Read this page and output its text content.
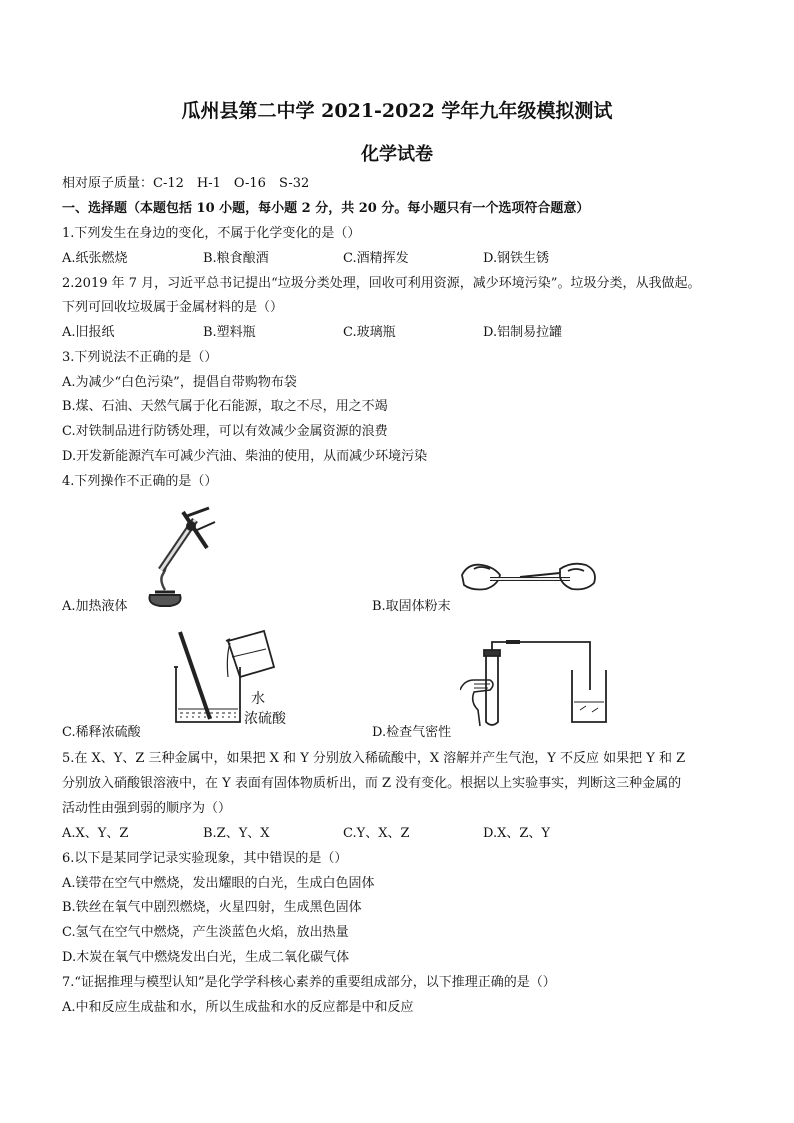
瓜州县第二中学 2021-2022 学年九年级模拟测试
化学试卷
相对原子质量：C-12　H-1　O-16　S-32
一、选择题（本题包括 10 小题，每小题 2 分，共 20 分。每小题只有一个选项符合题意）
1.下列发生在身边的变化，不属于化学变化的是（）
A.纸张燃烧	B.粮食酿酒	C.酒精挥发	D.钢铁生锈
2.2019 年 7 月，习近平总书记提出“垃圾分类处理，回收可利用资源，减少环境污染”。垃圾分类，从我做起。
下列可回收垃圾属于金属材料的是（）
A.旧报纸	B.塑料瓶	C.玻璃瓶	D.铝制易拉罐
3.下列说法不正确的是（）
A.为减少“白色污染”，提倡自带购物布袋
B.煤、石油、天然气属于化石能源，取之不尽，用之不竭
C.对铁制品进行防锈处理，可以有效减少金属资源的浪费
D.开发新能源汽车可减少汽油、柴油的使用，从而减少环境污染
4.下列操作不正确的是（）
A.加热液体	B.取固体粉末
水
浓硫酸
C.稀释浓硫酸	D.检查气密性
5.在 X、Y、Z 三种金属中，如果把 X 和 Y 分别放入稀硫酸中，X 溶解并产生气泡，Y 不反应 如果把 Y 和 Z
分别放入硝酸银溶液中，在 Y 表面有固体物质析出，而 Z 没有变化。根据以上实验事实，判断这三种金属的
活动性由强到弱的顺序为（）
A.X、Y、Z	B.Z、Y、X	C.Y、X、Z	D.X、Z、Y
6.以下是某同学记录实验现象，其中错误的是（）
A.镁带在空气中燃烧，发出耀眼的白光，生成白色固体
B.铁丝在氧气中剧烈燃烧，火星四射，生成黑色固体
C.氢气在空气中燃烧，产生淡蓝色火焰，放出热量
D.木炭在氧气中燃烧发出白光，生成二氧化碳气体
7.“证据推理与模型认知”是化学学科核心素养的重要组成部分，以下推理正确的是（）
A.中和反应生成盐和水，所以生成盐和水的反应都是中和反应
